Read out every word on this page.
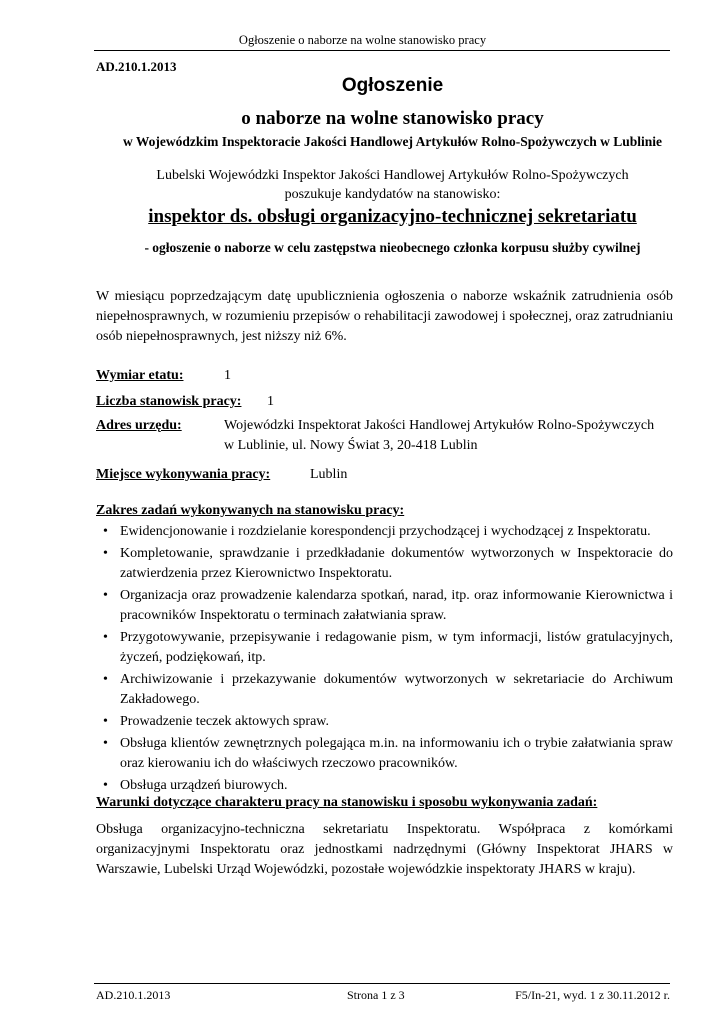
Ogłoszenie o naborze na wolne stanowisko pracy
AD.210.1.2013
Ogłoszenie
o naborze na wolne stanowisko pracy
w Wojewódzkim Inspektoracie Jakości Handlowej Artykułów Rolno-Spożywczych w Lublinie
Lubelski Wojewódzki Inspektor Jakości Handlowej Artykułów Rolno-Spożywczych
poszukuje kandydatów na stanowisko:
inspektor ds. obsługi organizacyjno-technicznej sekretariatu
- ogłoszenie o naborze w celu zastępstwa nieobecnego członka korpusu służby cywilnej
W miesiącu poprzedzającym datę upublicznienia ogłoszenia o naborze wskaźnik zatrudnienia osób niepełnosprawnych, w rozumieniu przepisów o rehabilitacji zawodowej i społecznej, oraz zatrudnianiu osób niepełnosprawnych, jest niższy niż 6%.
Wymiar etatu:	1
Liczba stanowisk pracy: 1
Adres urzędu:	Wojewódzki Inspektorat Jakości Handlowej Artykułów Rolno-Spożywczych
w Lublinie, ul. Nowy Świat 3, 20-418 Lublin
Miejsce wykonywania pracy:	Lublin
Zakres zadań wykonywanych na stanowisku pracy:
• Ewidencjonowanie i rozdzielanie korespondencji przychodzącej i wychodzącej z Inspektoratu.
• Kompletowanie, sprawdzanie i przedkładanie dokumentów wytworzonych w Inspektoracie do zatwierdzenia przez Kierownictwo Inspektoratu.
• Organizacja oraz prowadzenie kalendarza spotkań, narad, itp. oraz informowanie Kierownictwa i pracowników Inspektoratu o terminach załatwiania spraw.
• Przygotowywanie, przepisywanie i redagowanie pism, w tym informacji, listów gratulacyjnych, życzeń, podziękowań, itp.
• Archiwizowanie i przekazywanie dokumentów wytworzonych w sekretariacie do Archiwum Zakładowego.
• Prowadzenie teczek aktowych spraw.
• Obsługa klientów zewnętrznych polegająca m.in. na informowaniu ich o trybie załatwiania spraw oraz kierowaniu ich do właściwych rzeczowo pracowników.
• Obsługa urządzeń biurowych.
Warunki dotyczące charakteru pracy na stanowisku i sposobu wykonywania zadań:
Obsługa organizacyjno-techniczna sekretariatu Inspektoratu. Współpraca z komórkami organizacyjnymi Inspektoratu oraz jednostkami nadrzędnymi (Główny Inspektorat JHARS w Warszawie, Lubelski Urząd Wojewódzki, pozostałe wojewódzkie inspektoraty JHARS w kraju).
AD.210.1.2013	Strona 1 z 3	F5/In-21, wyd. 1 z 30.11.2012 r.
